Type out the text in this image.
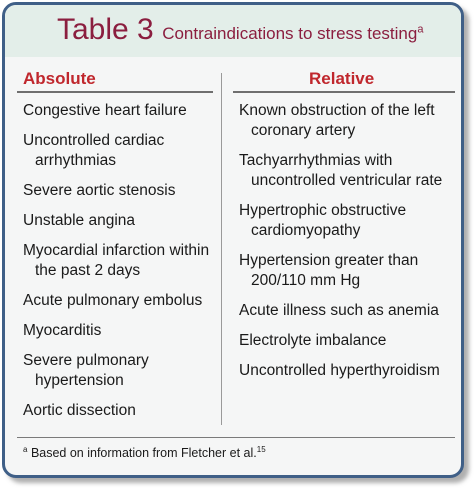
Table 3 Contraindications to stress testing$^a$
Absolute	Relative
Congestive heart failure
Uncontrolled cardiac arrhythmias
Severe aortic stenosis
Unstable angina
Myocardial infarction within the past 2 days
Acute pulmonary embolus
Myocarditis
Severe pulmonary hypertension
Aortic dissection
Known obstruction of the left coronary artery
Tachyarrhythmias with uncontrolled ventricular rate
Hypertrophic obstructive cardiomyopathy
Hypertension greater than 200/110 mm Hg
Acute illness such as anemia
Electrolyte imbalance
Uncontrolled hyperthyroidism
$^a$ Based on information from Fletcher et al.$^{15}$
